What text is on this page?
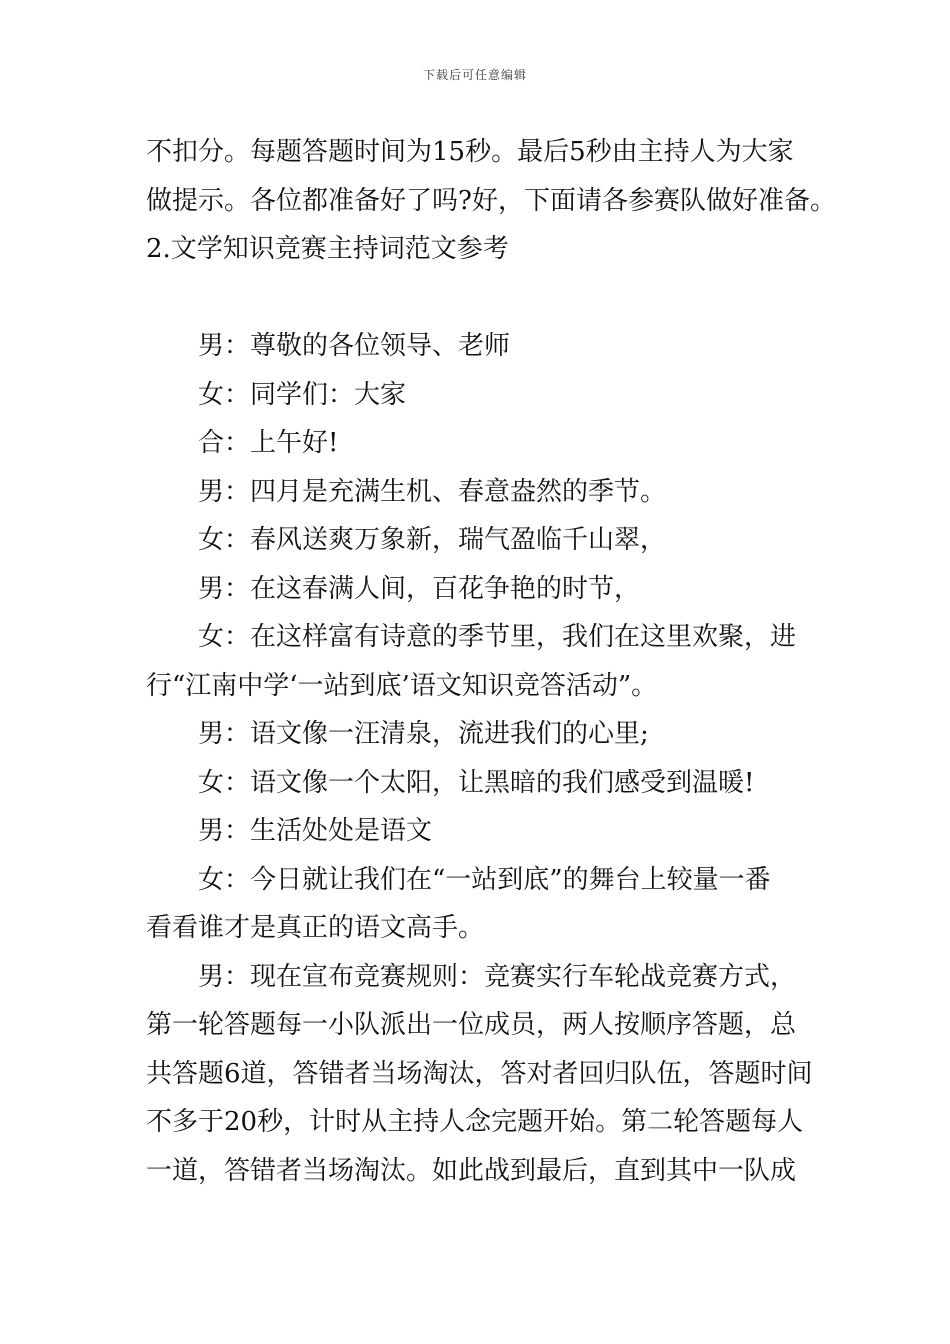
下载后可任意编辑
不扣分。每题答题时间为15秒。最后5秒由主持人为大家
做提示。各位都准备好了吗?好，下面请各参赛队做好准备。
2.文学知识竞赛主持词范文参考
男：尊敬的各位领导、老师
女：同学们：大家
合：上午好!
男：四月是充满生机、春意盎然的季节。
女：春风送爽万象新，瑞气盈临千山翠，
男：在这春满人间，百花争艳的时节，
女：在这样富有诗意的季节里，我们在这里欢聚，进
行“江南中学‘一站到底’语文知识竞答活动”。
男：语文像一汪清泉，流进我们的心里;
女：语文像一个太阳，让黑暗的我们感受到温暖!
男：生活处处是语文
女：今日就让我们在“一站到底”的舞台上较量一番
看看谁才是真正的语文高手。
男：现在宣布竞赛规则：竞赛实行车轮战竞赛方式，
第一轮答题每一小队派出一位成员，两人按顺序答题，总
共答题6道，答错者当场淘汰，答对者回归队伍，答题时间
不多于20秒，计时从主持人念完题开始。第二轮答题每人
一道，答错者当场淘汰。如此战到最后，直到其中一队成
